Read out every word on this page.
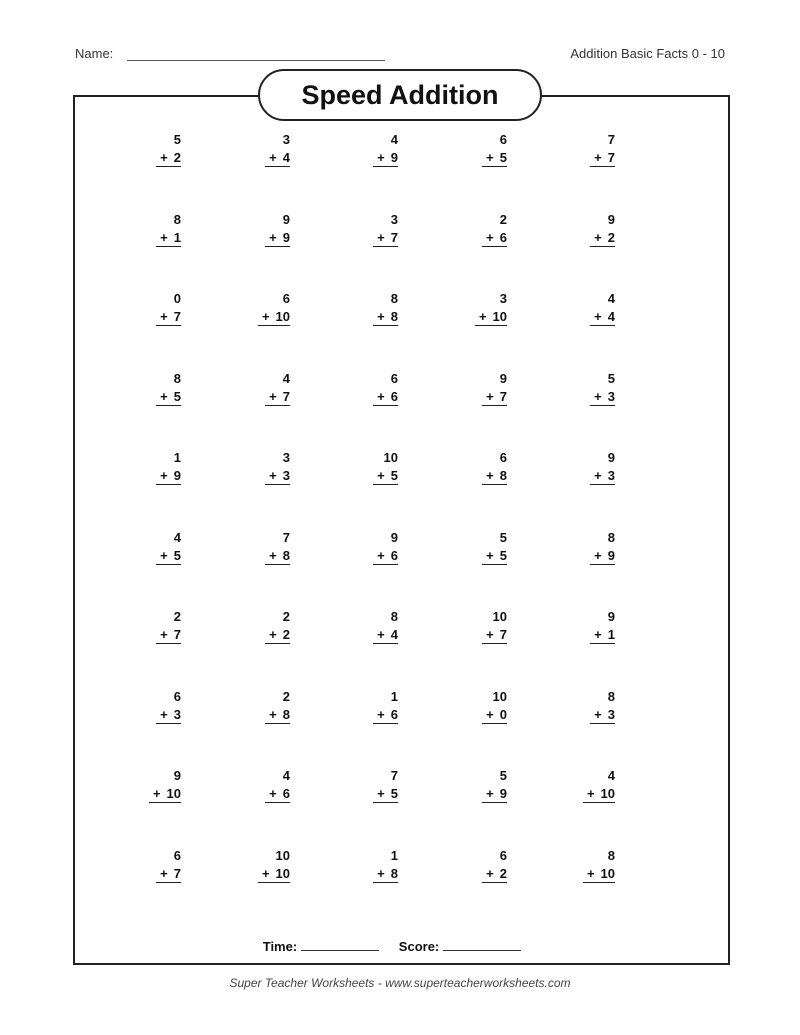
Name:	Addition Basic Facts 0 - 10
Speed Addition
5
+ 2
3
+ 4
4
+ 9
6
+ 5
7
+ 7
8
+ 1
9
+ 9
3
+ 7
2
+ 6
9
+ 2
0
+ 7
6
+ 10
8
+ 8
3
+ 10
4
+ 4
8
+ 5
4
+ 7
6
+ 6
9
+ 7
5
+ 3
1
+ 9
3
+ 3
10
+ 5
6
+ 8
9
+ 3
4
+ 5
7
+ 8
9
+ 6
5
+ 5
8
+ 9
2
+ 7
2
+ 2
8
+ 4
10
+ 7
9
+ 1
6
+ 3
2
+ 8
1
+ 6
10
+ 0
8
+ 3
9
+ 10
4
+ 6
7
+ 5
5
+ 9
4
+ 10
6
+ 7
10
+ 10
1
+ 8
6
+ 2
8
+ 10
Time:	Score:
Super Teacher Worksheets - www.superteacherworksheets.com
